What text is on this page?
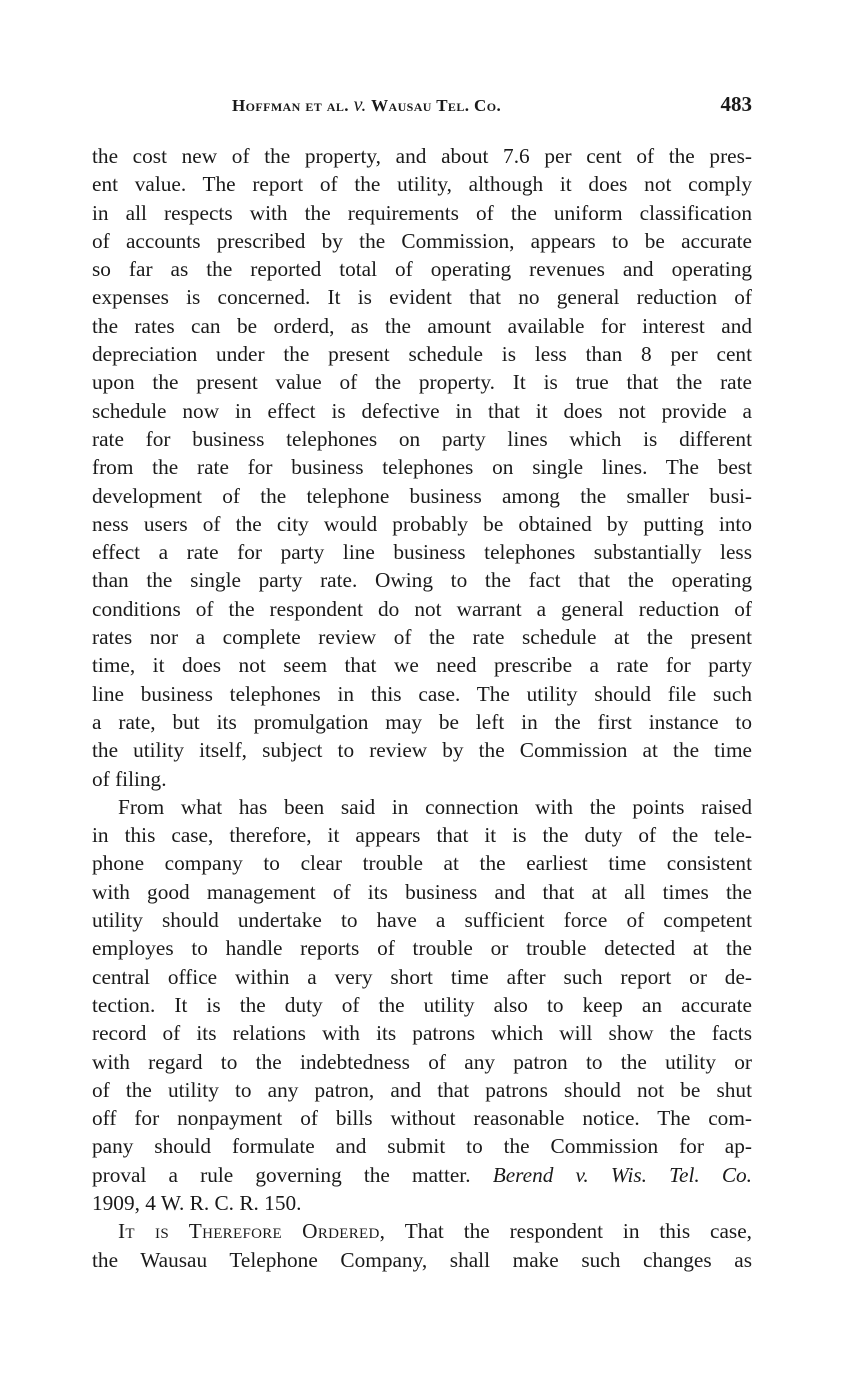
Hoffman et al. v. Wausau Tel. Co.	483
the cost new of the property, and about 7.6 per cent of the pres-
ent value. The report of the utility, although it does not comply
in all respects with the requirements of the uniform classification
of accounts prescribed by the Commission, appears to be accurate
so far as the reported total of operating revenues and operating
expenses is concerned. It is evident that no general reduction of
the rates can be orderd, as the amount available for interest and
depreciation under the present schedule is less than 8 per cent
upon the present value of the property. It is true that the rate
schedule now in effect is defective in that it does not provide a
rate for business telephones on party lines which is different
from the rate for business telephones on single lines. The best
development of the telephone business among the smaller busi-
ness users of the city would probably be obtained by putting into
effect a rate for party line business telephones substantially less
than the single party rate. Owing to the fact that the operating
conditions of the respondent do not warrant a general reduction of
rates nor a complete review of the rate schedule at the present
time, it does not seem that we need prescribe a rate for party
line business telephones in this case. The utility should file such
a rate, but its promulgation may be left in the first instance to
the utility itself, subject to review by the Commission at the time
of filing.
From what has been said in connection with the points raised
in this case, therefore, it appears that it is the duty of the tele-
phone company to clear trouble at the earliest time consistent
with good management of its business and that at all times the
utility should undertake to have a sufficient force of competent
employes to handle reports of trouble or trouble detected at the
central office within a very short time after such report or de-
tection. It is the duty of the utility also to keep an accurate
record of its relations with its patrons which will show the facts
with regard to the indebtedness of any patron to the utility or
of the utility to any patron, and that patrons should not be shut
off for nonpayment of bills without reasonable notice. The com-
pany should formulate and submit to the Commission for ap-
proval a rule governing the matter. Berend v. Wis. Tel. Co.
1909, 4 W. R. C. R. 150.
It is Therefore Ordered, That the respondent in this case,
the Wausau Telephone Company, shall make such changes as
